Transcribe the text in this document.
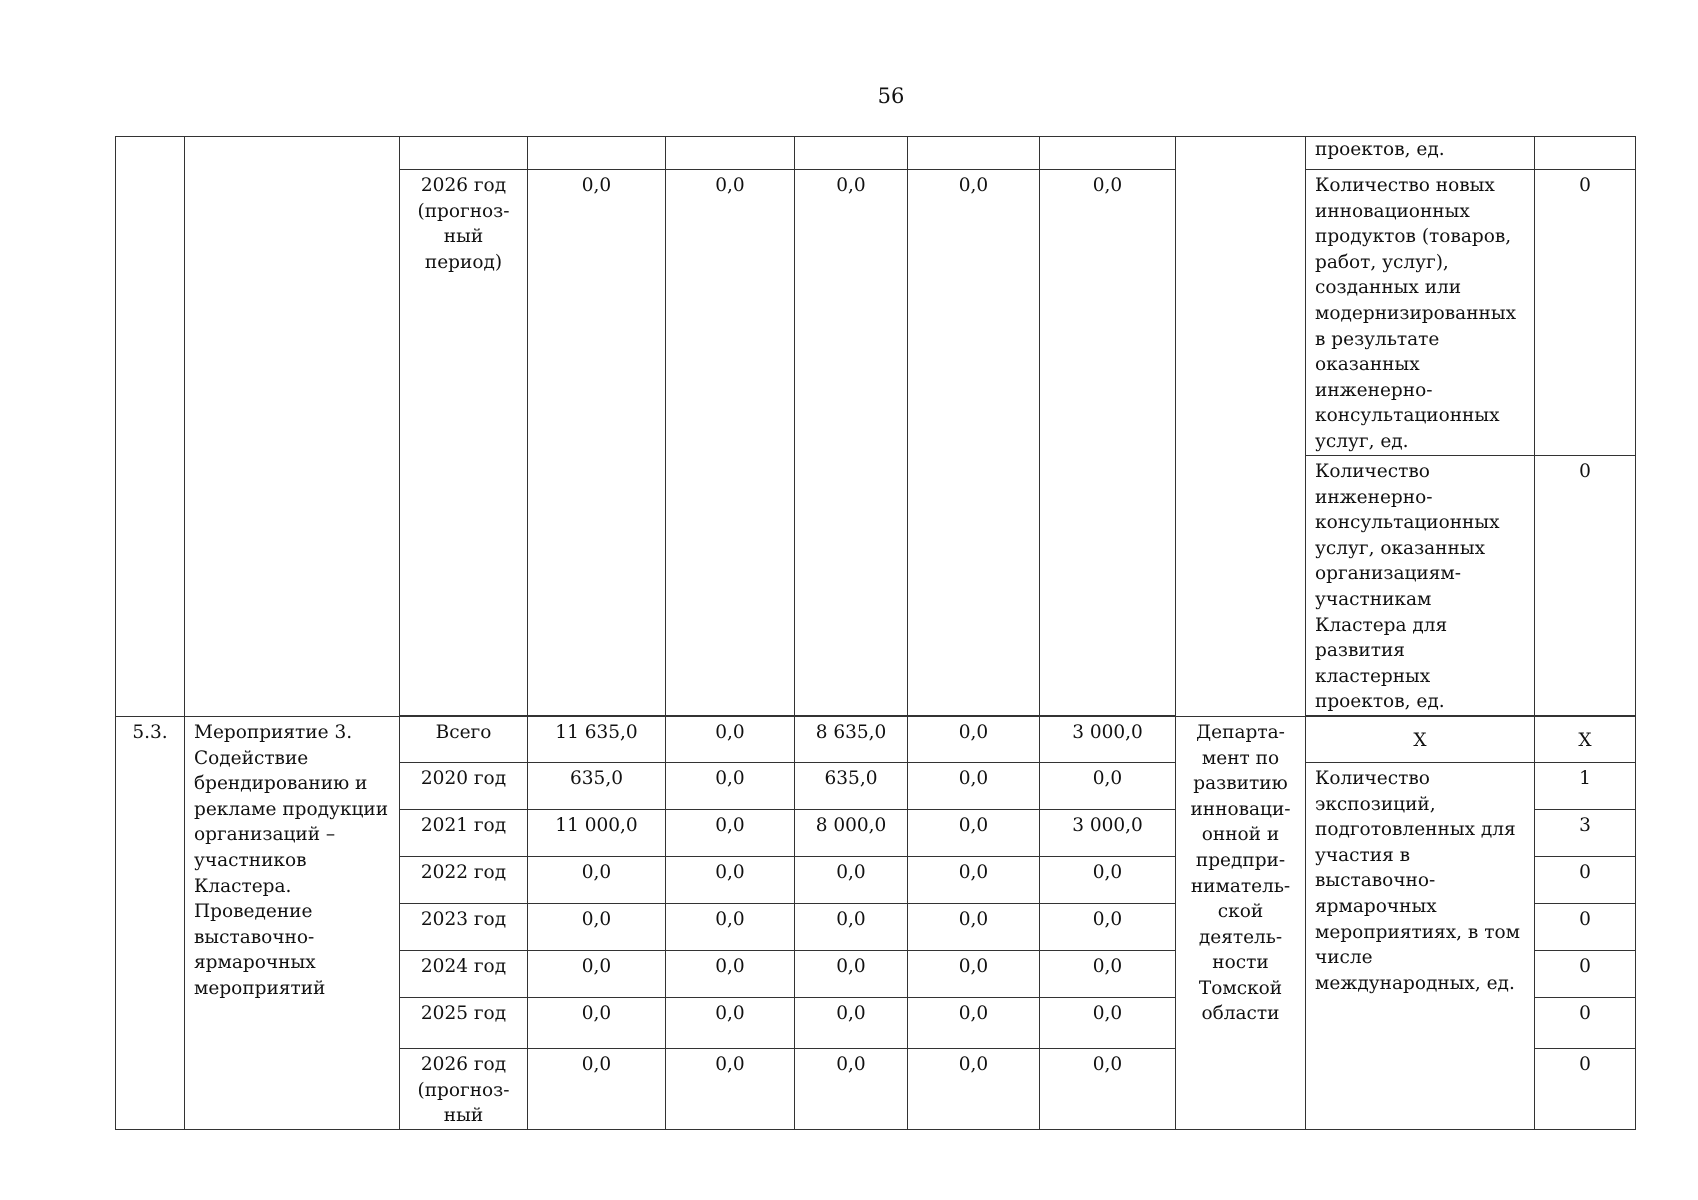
56
									проектов, ед.	
		2026 год (прогноз-ный период)	0,0	0,0	0,0	0,0	0,0		Количество новых инновационных продуктов (товаров, работ, услуг), созданных или модернизированных в результате оказанных инженерно-консультационных услуг, ед.	0
									Количество инженерно-консультационных услуг, оказанных организациям-участникам Кластера для развития кластерных проектов, ед.	0

5.3.	Мероприятие 3. Содействие брендированию и рекламе продукции организаций – участников Кластера. Проведение выставочно-ярмарочных мероприятий	Всего	11 635,0	0,0	8 635,0	0,0	3 000,0	Департа-мент по развитию инноваци-онной и предпри-ниматель-ской деятель-ности Томской области	Х	Х
		2020 год	635,0	0,0	635,0	0,0	0,0		Количество экспозиций, подготовленных для участия в выставочно-ярмарочных мероприятиях, в том числе международных, ед.	1
		2021 год	11 000,0	0,0	8 000,0	0,0	3 000,0			3
		2022 год	0,0	0,0	0,0	0,0	0,0			0
		2023 год	0,0	0,0	0,0	0,0	0,0			0
		2024 год	0,0	0,0	0,0	0,0	0,0			0
		2025 год	0,0	0,0	0,0	0,0	0,0			0
		2026 год (прогноз-ный	0,0	0,0	0,0	0,0	0,0			0
